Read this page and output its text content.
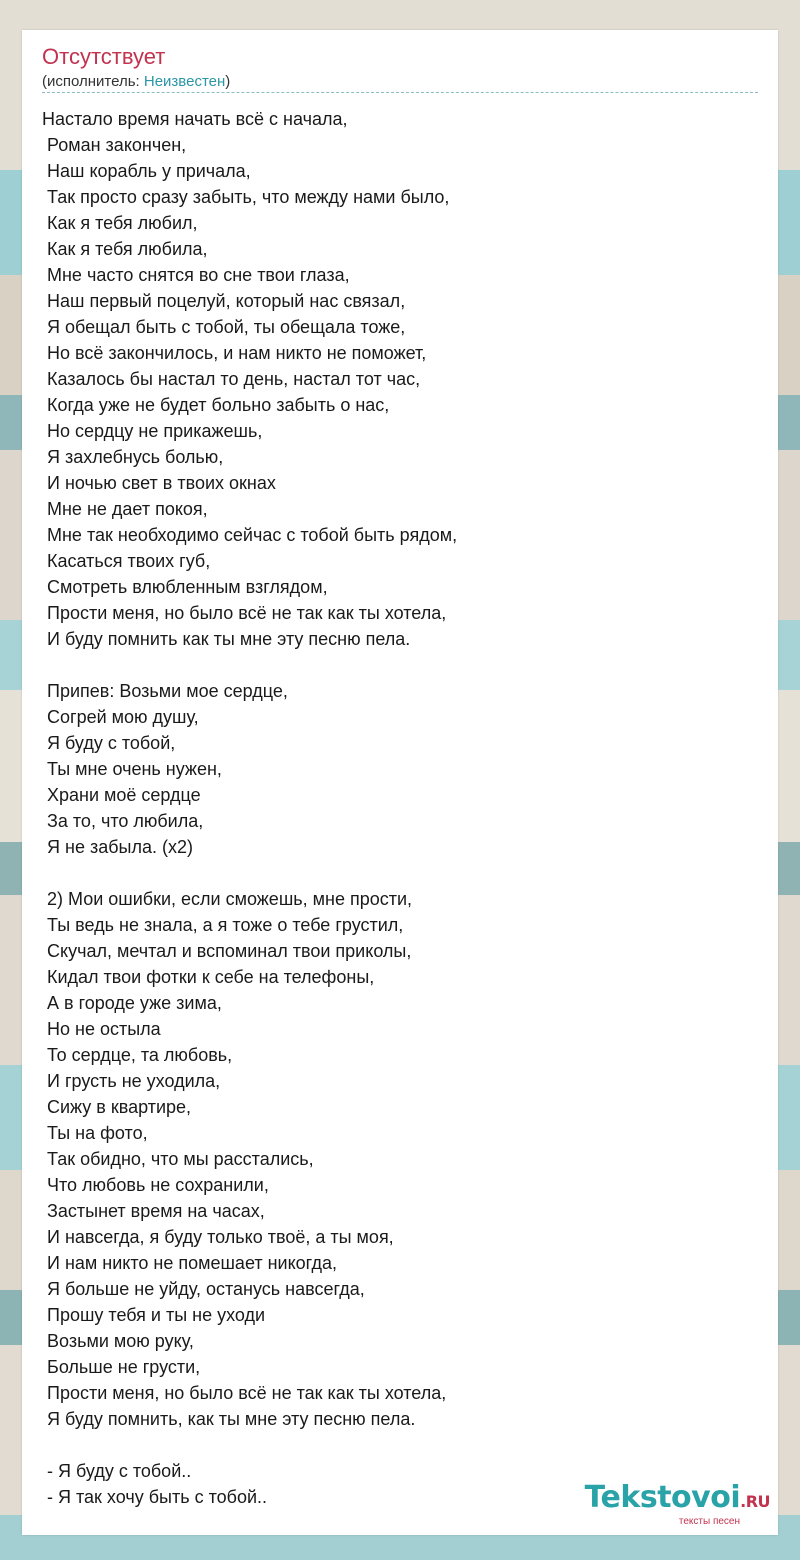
Отсутствует
(исполнитель: Неизвестен)
Настало время начать всё с начала,
Роман закончен,
Наш корабль у причала,
Так просто сразу забыть, что между нами было,
Как я тебя любил,
Как я тебя любила,
Мне часто снятся во сне твои глаза,
Наш первый поцелуй, который нас связал,
Я обещал быть с тобой, ты обещала тоже,
Но всё закончилось, и нам никто не поможет,
Казалось бы настал то день, настал тот час,
Когда уже не будет больно забыть о нас,
Но сердцу не прикажешь,
Я захлебнусь болью,
И ночью свет в твоих окнах
Мне не дает покоя,
Мне так необходимо сейчас с тобой быть рядом,
Касаться твоих губ,
Смотреть влюбленным взглядом,
Прости меня, но было всё не так как ты хотела,
И буду помнить как ты мне эту песню пела.
Припев: Возьми мое сердце,
Согрей мою душу,
Я буду с тобой,
Ты мне очень нужен,
Храни моё сердце
За то, что любила,
Я не забыла. (x2)
2) Мои ошибки, если сможешь, мне прости,
Ты ведь не знала, а я тоже о тебе грустил,
Скучал, мечтал и вспоминал твои приколы,
Кидал твои фотки к себе на телефоны,
А в городе уже зима,
Но не остыла
То сердце, та любовь,
И грусть не уходила,
Сижу в квартире,
Ты на фото,
Так обидно, что мы расстались,
Что любовь не сохранили,
Застынет время на часах,
И навсегда, я буду только твоё, а ты моя,
И нам никто не помешает никогда,
Я больше не уйду, останусь навсегда,
Прошу тебя и ты не уходи
Возьми мою руку,
Больше не грусти,
Прости меня, но было всё не так как ты хотела,
Я буду помнить, как ты мне эту песню пела.
- Я буду с тобой..
- Я так хочу быть с тобой..	Tekstovoi.RU
тексты песен
